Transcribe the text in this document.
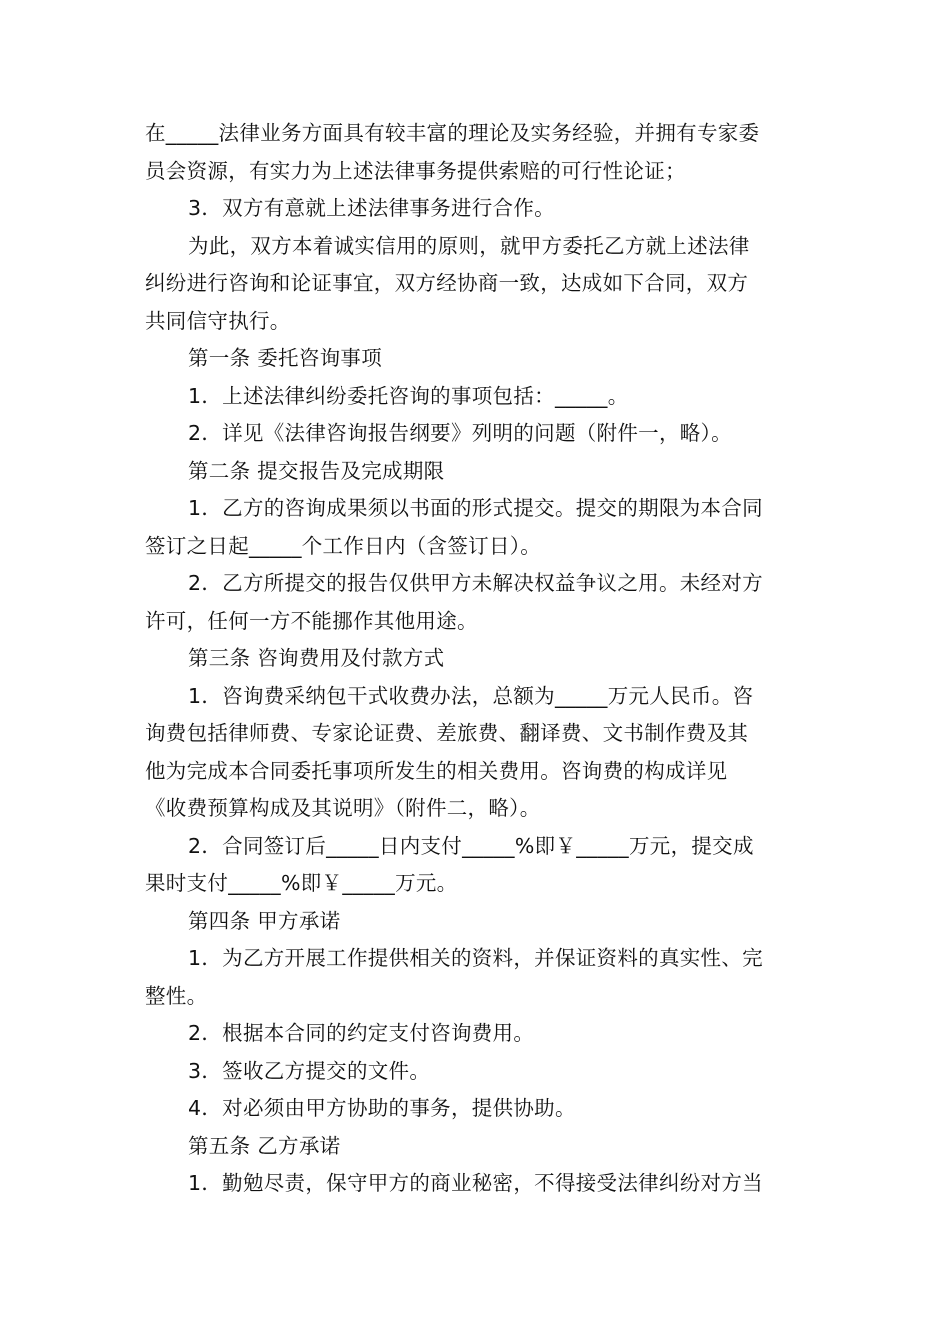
在_____法律业务方面具有较丰富的理论及实务经验，并拥有专家委

员会资源，有实力为上述法律事务提供索赔的可行性论证；

3．双方有意就上述法律事务进行合作。

为此，双方本着诚实信用的原则，就甲方委托乙方就上述法律

纠纷进行咨询和论证事宜，双方经协商一致，达成如下合同，双方

共同信守执行。

第一条 委托咨询事项

1．上述法律纠纷委托咨询的事项包括：_____。

2．详见《法律咨询报告纲要》列明的问题（附件一，略）。

第二条 提交报告及完成期限

1．乙方的咨询成果须以书面的形式提交。提交的期限为本合同

签订之日起_____个工作日内（含签订日）。

2．乙方所提交的报告仅供甲方未解决权益争议之用。未经对方

许可，任何一方不能挪作其他用途。

第三条 咨询费用及付款方式

1．咨询费采纳包干式收费办法，总额为_____万元人民币。咨

询费包括律师费、专家论证费、差旅费、翻译费、文书制作费及其

他为完成本合同委托事项所发生的相关费用。咨询费的构成详见

《收费预算构成及其说明》（附件二，略）。

2．合同签订后_____日内支付_____%即￥_____万元，提交成

果时支付_____%即￥_____万元。

第四条 甲方承诺

1．为乙方开展工作提供相关的资料，并保证资料的真实性、完

整性。

2．根据本合同的约定支付咨询费用。

3．签收乙方提交的文件。

4．对必须由甲方协助的事务，提供协助。

第五条 乙方承诺

1．勤勉尽责，保守甲方的商业秘密，不得接受法律纠纷对方当
